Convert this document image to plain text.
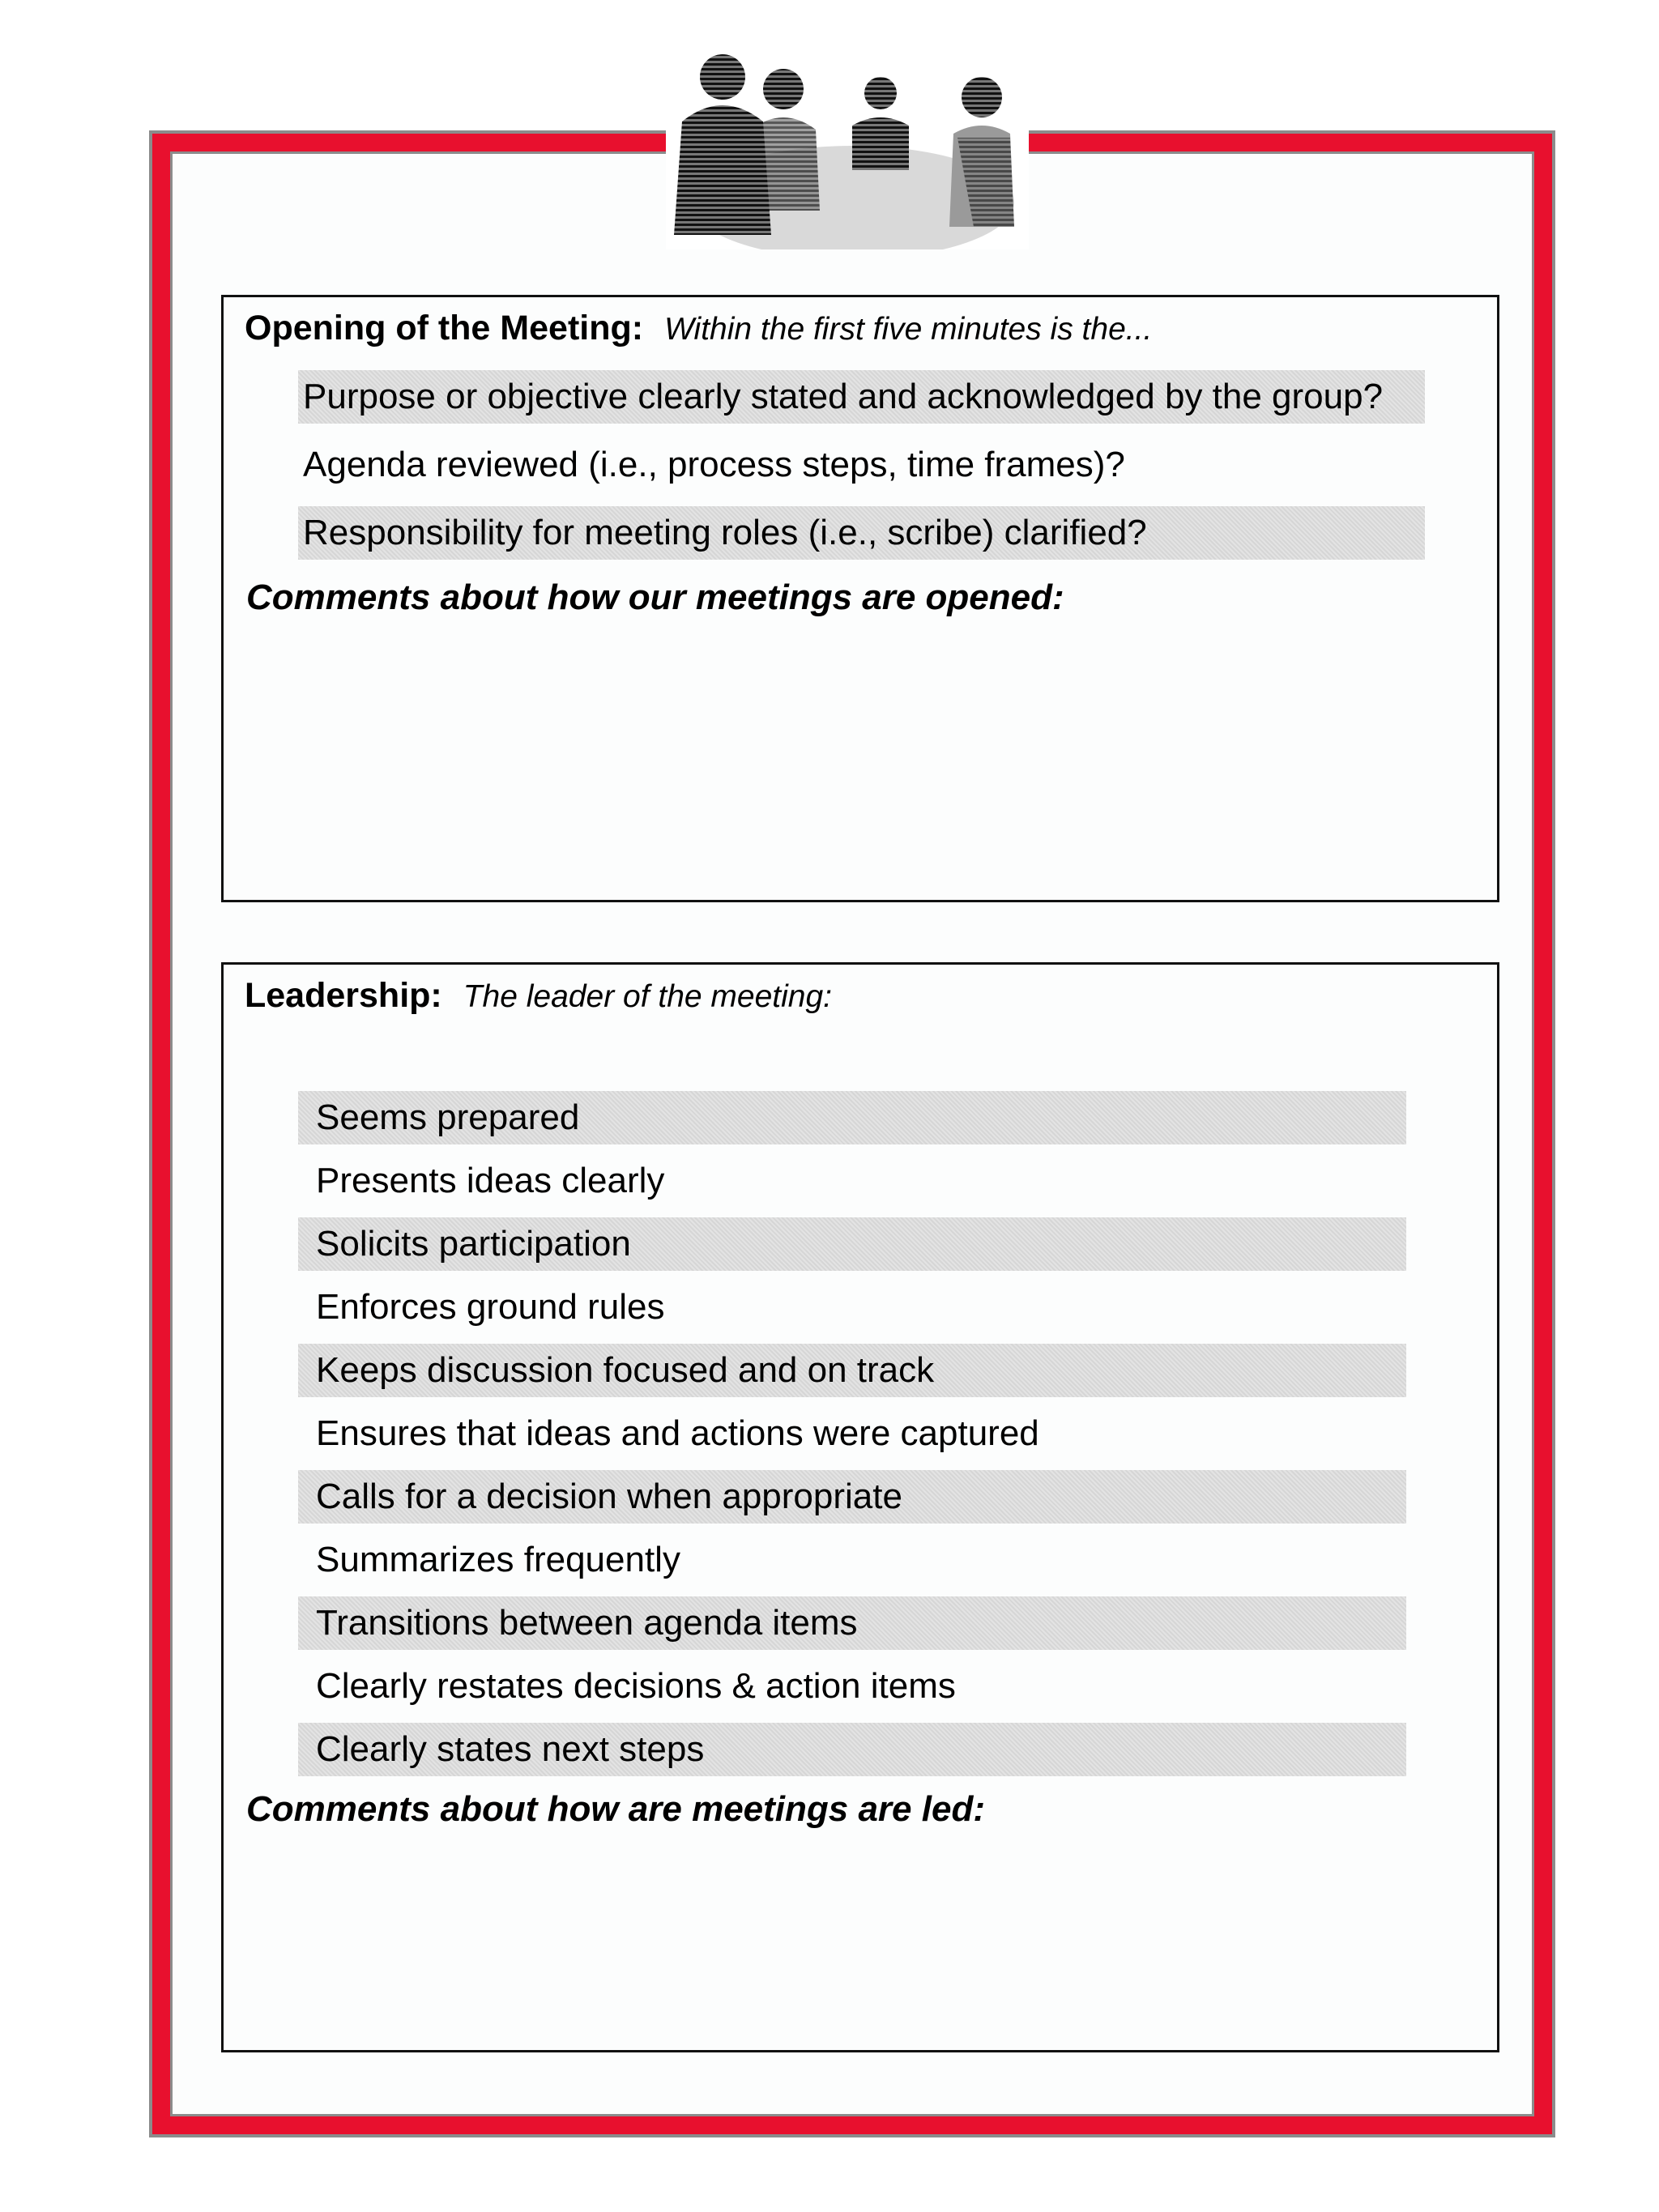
Opening of the Meeting: Within the first five minutes is the...
Purpose or objective clearly stated and acknowledged by the group?
Agenda reviewed (i.e., process steps, time frames)?
Responsibility for meeting roles (i.e., scribe) clarified?
Comments about how our meetings are opened:
Leadership: The leader of the meeting:
Seems prepared
Presents ideas clearly
Solicits participation
Enforces ground rules
Keeps discussion focused and on track
Ensures that ideas and actions were captured
Calls for a decision when appropriate
Summarizes frequently
Transitions between agenda items
Clearly restates decisions & action items
Clearly states next steps
Comments about how are meetings are led:
